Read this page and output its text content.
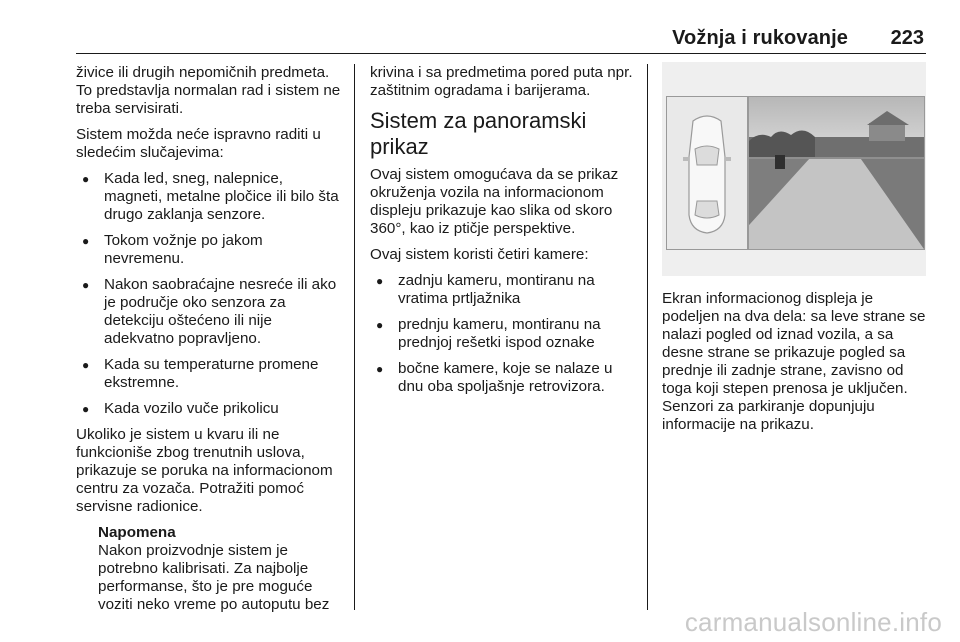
Vožnja i rukovanje 223

živice ili drugih nepomičnih predmeta. To predstavlja normalan rad i sistem ne treba servisirati.

Sistem možda neće ispravno raditi u sledećim slučajevima:

● Kada led, sneg, nalepnice, magneti, metalne pločice ili bilo šta drugo zaklanja senzore.
● Tokom vožnje po jakom nevremenu.
● Nakon saobraćajne nesreće ili ako je područje oko senzora za detekciju oštećeno ili nije adekvatno popravljeno.
● Kada su temperaturne promene ekstremne.
● Kada vozilo vuče prikolicu

Ukoliko je sistem u kvaru ili ne funkcioniše zbog trenutnih uslova, prikazuje se poruka na informacionom centru za vozača. Potražiti pomoć servisne radionice.

Napomena
Nakon proizvodnje sistem je potrebno kalibrisati. Za najbolje performanse, što je pre moguće voziti neko vreme po autoputu bez

krivina i sa predmetima pored puta npr. zaštitnim ogradama i barijerama.

Sistem za panoramski prikaz

Ovaj sistem omogućava da se prikaz okruženja vozila na informacionom displeju prikazuje kao slika od skoro 360°, kao iz ptičje perspektive.

Ovaj sistem koristi četiri kamere:

● zadnju kameru, montiranu na vratima prtljažnika
● prednju kameru, montiranu na prednjoj rešetki ispod oznake
● bočne kamere, koje se nalaze u dnu oba spoljašnje retrovizora.

Ekran informacionog displeja je podeljen na dva dela: sa leve strane se nalazi pogled od iznad vozila, a sa desne strane se prikazuje pogled sa prednje ili zadnje strane, zavisno od toga koji stepen prenosa je uključen. Senzori za parkiranje dopunjuju informacije na prikazu.

carmanualsonline.info
